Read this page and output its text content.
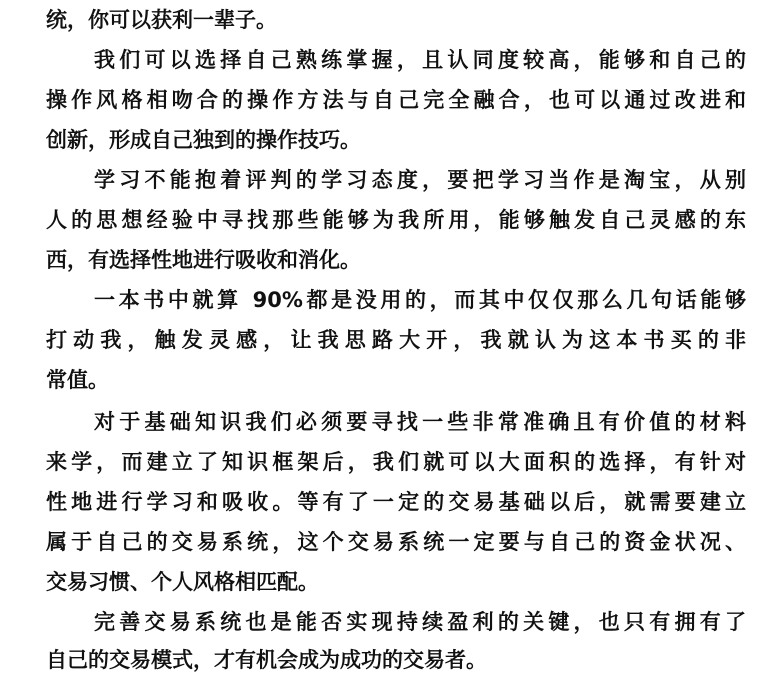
统，你可以获利一辈子。
我们可以选择自己熟练掌握，且认同度较高，能够和自己的
操作风格相吻合的操作方法与自己完全融合，也可以通过改进和
创新，形成自己独到的操作技巧。
学习不能抱着评判的学习态度，要把学习当作是淘宝，从别
人的思想经验中寻找那些能够为我所用，能够触发自己灵感的东
西，有选择性地进行吸收和消化。
一本书中就算 90%都是没用的，而其中仅仅那么几句话能够
打动我，触发灵感，让我思路大开，我就认为这本书买的非
常值。
对于基础知识我们必须要寻找一些非常准确且有价值的材料
来学，而建立了知识框架后，我们就可以大面积的选择，有针对
性地进行学习和吸收。等有了一定的交易基础以后，就需要建立
属于自己的交易系统，这个交易系统一定要与自己的资金状况、
交易习惯、个人风格相匹配。
完善交易系统也是能否实现持续盈利的关键，也只有拥有了
自己的交易模式，才有机会成为成功的交易者。
